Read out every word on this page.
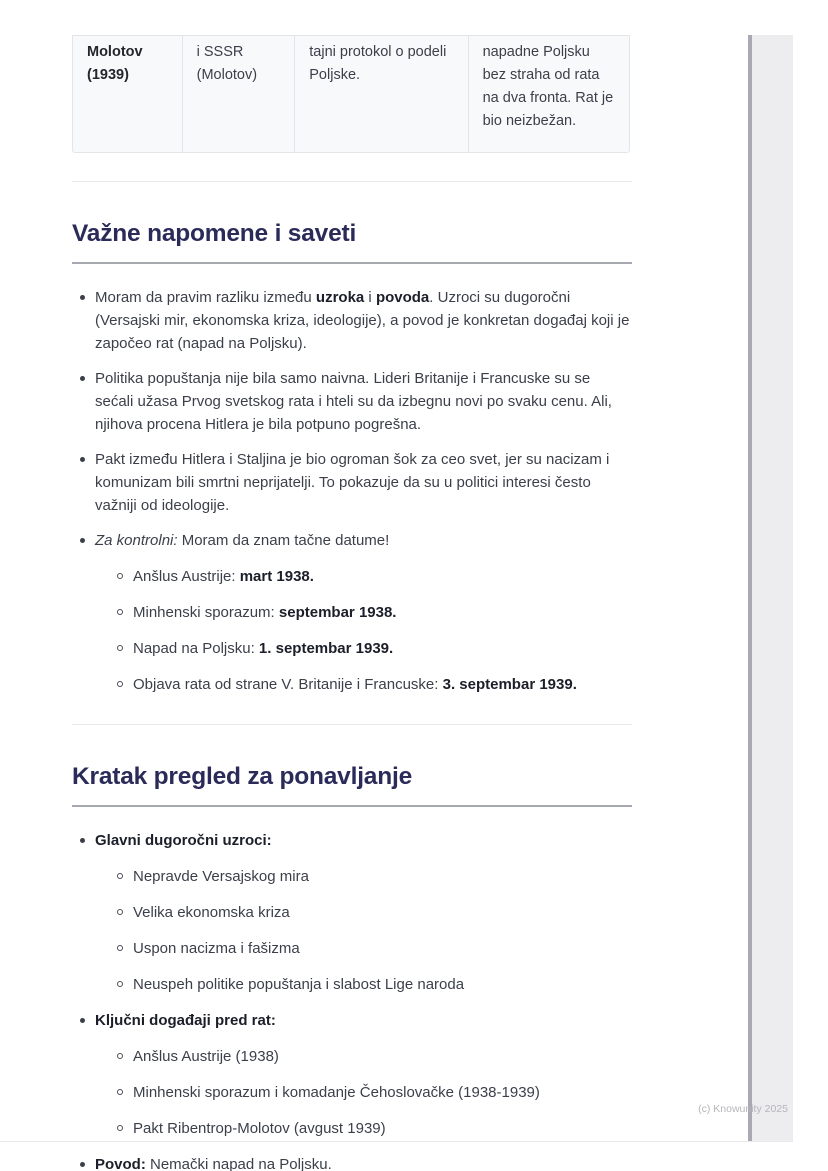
Molotov (1939)
i SSSR (Molotov)
tajni protokol o podeli Poljske.
napadne Poljsku bez straha od rata na dva fronta. Rat je bio neizbežan.
Važne napomene i saveti
Moram da pravim razliku između uzroka i povoda. Uzroci su dugoročni (Versajski mir, ekonomska kriza, ideologije), a povod je konkretan događaj koji je započeo rat (napad na Poljsku).
Politika popuštanja nije bila samo naivna. Lideri Britanije i Francuske su se sećali užasa Prvog svetskog rata i hteli su da izbegnu novi po svaku cenu. Ali, njihova procena Hitlera je bila potpuno pogrešna.
Pakt između Hitlera i Staljina je bio ogroman šok za ceo svet, jer su nacizam i komunizam bili smrtni neprijatelji. To pokazuje da su u politici interesi često važniji od ideologije.
Za kontrolni: Moram da znam tačne datume!
Anšlus Austrije: mart 1938.
Minhenski sporazum: septembar 1938.
Napad na Poljsku: 1. septembar 1939.
Objava rata od strane V. Britanije i Francuske: 3. septembar 1939.
Kratak pregled za ponavljanje
Glavni dugoročni uzroci:
Nepravde Versajskog mira
Velika ekonomska kriza
Uspon nacizma i fašizma
Neuspeh politike popuštanja i slabost Lige naroda
Ključni događaji pred rat:
Anšlus Austrije (1938)
Minhenski sporazum i komadanje Čehoslovačke (1938-1939)
Pakt Ribentrop-Molotov (avgust 1939)
Povod: Nemački napad na Poljsku.
(c) Knowunity 2025
